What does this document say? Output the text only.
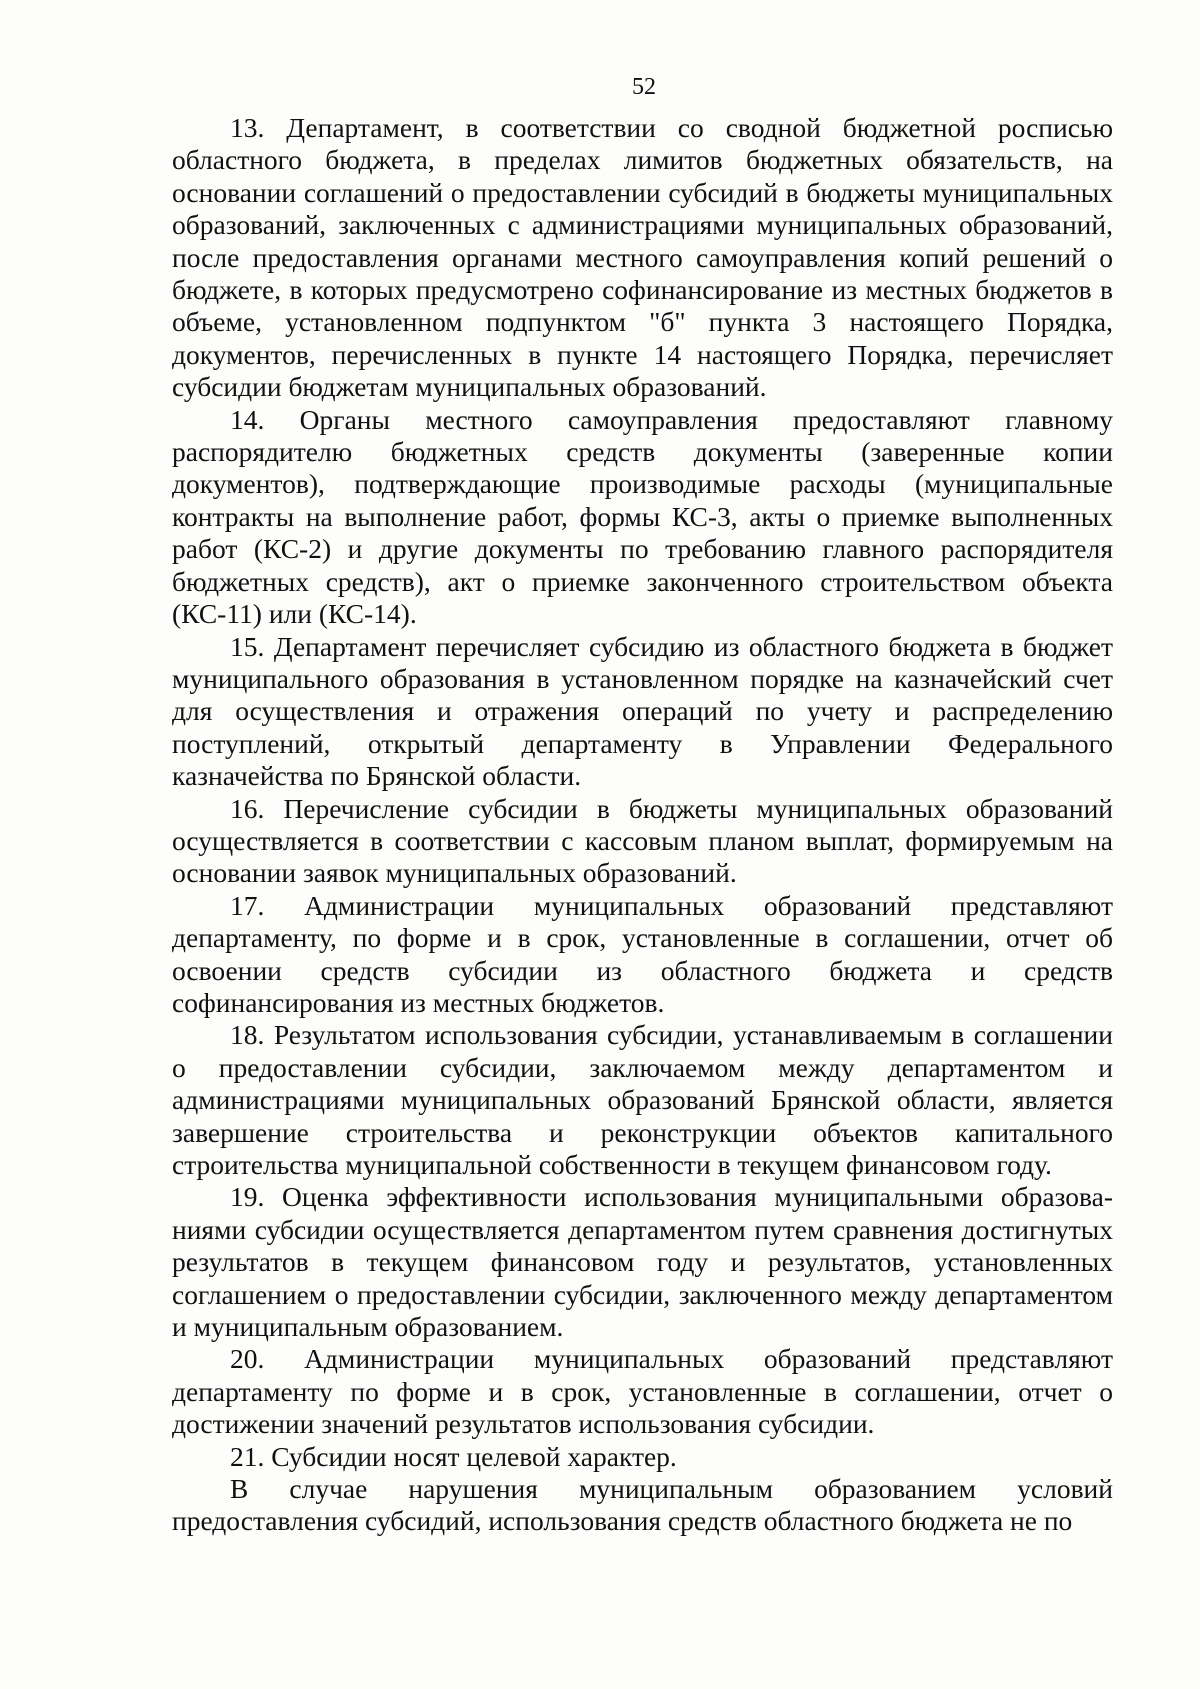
52

13. Департамент, в соответствии со сводной бюджетной росписью областного бюджета, в пределах лимитов бюджетных обязательств, на основании соглашений о предоставлении субсидий в бюджеты муниципальных образований, заключенных с администрациями муниципальных образований, после предоставления органами местного самоуправления копий решений о бюджете, в которых предусмотрено софинансирование из местных бюджетов в объеме, установленном подпунктом "б" пункта 3 настоящего Порядка, документов, перечисленных в пункте 14 настоящего Порядка, перечисляет субсидии бюджетам муниципальных образований.

14. Органы местного самоуправления предоставляют главному распорядителю бюджетных средств документы (заверенные копии документов), подтверждающие производимые расходы (муниципальные контракты на выполнение работ, формы КС-3, акты о приемке выполненных работ (КС-2) и другие документы по требованию главного распорядителя бюджетных средств), акт о приемке законченного строительством объекта (КС-11) или (КС-14).

15. Департамент перечисляет субсидию из областного бюджета в бюджет муниципального образования в установленном порядке на казначейский счет для осуществления и отражения операций по учету и распределению поступлений, открытый департаменту в Управлении Федерального казначейства по Брянской области.

16. Перечисление субсидии в бюджеты муниципальных образований осуществляется в соответствии с кассовым планом выплат, формируемым на основании заявок муниципальных образований.

17. Администрации муниципальных образований представляют департаменту, по форме и в срок, установленные в соглашении, отчет об освоении средств субсидии из областного бюджета и средств софинансирования из местных бюджетов.

18. Результатом использования субсидии, устанавливаемым в соглашении о предоставлении субсидии, заключаемом между департаментом и администрациями муниципальных образований Брянской области, является завершение строительства и реконструкции объектов капитального строительства муниципальной собственности в текущем финансовом году.

19. Оценка эффективности использования муниципальными образованиями субсидии осуществляется департаментом путем сравнения достигнутых результатов в текущем финансовом году и результатов, установленных соглашением о предоставлении субсидии, заключенного между департаментом и муниципальным образованием.

20. Администрации муниципальных образований представляют департаменту по форме и в срок, установленные в соглашении, отчет о достижении значений результатов использования субсидии.

21. Субсидии носят целевой характер.

В случае нарушения муниципальным образованием условий предоставления субсидий, использования средств областного бюджета не по
